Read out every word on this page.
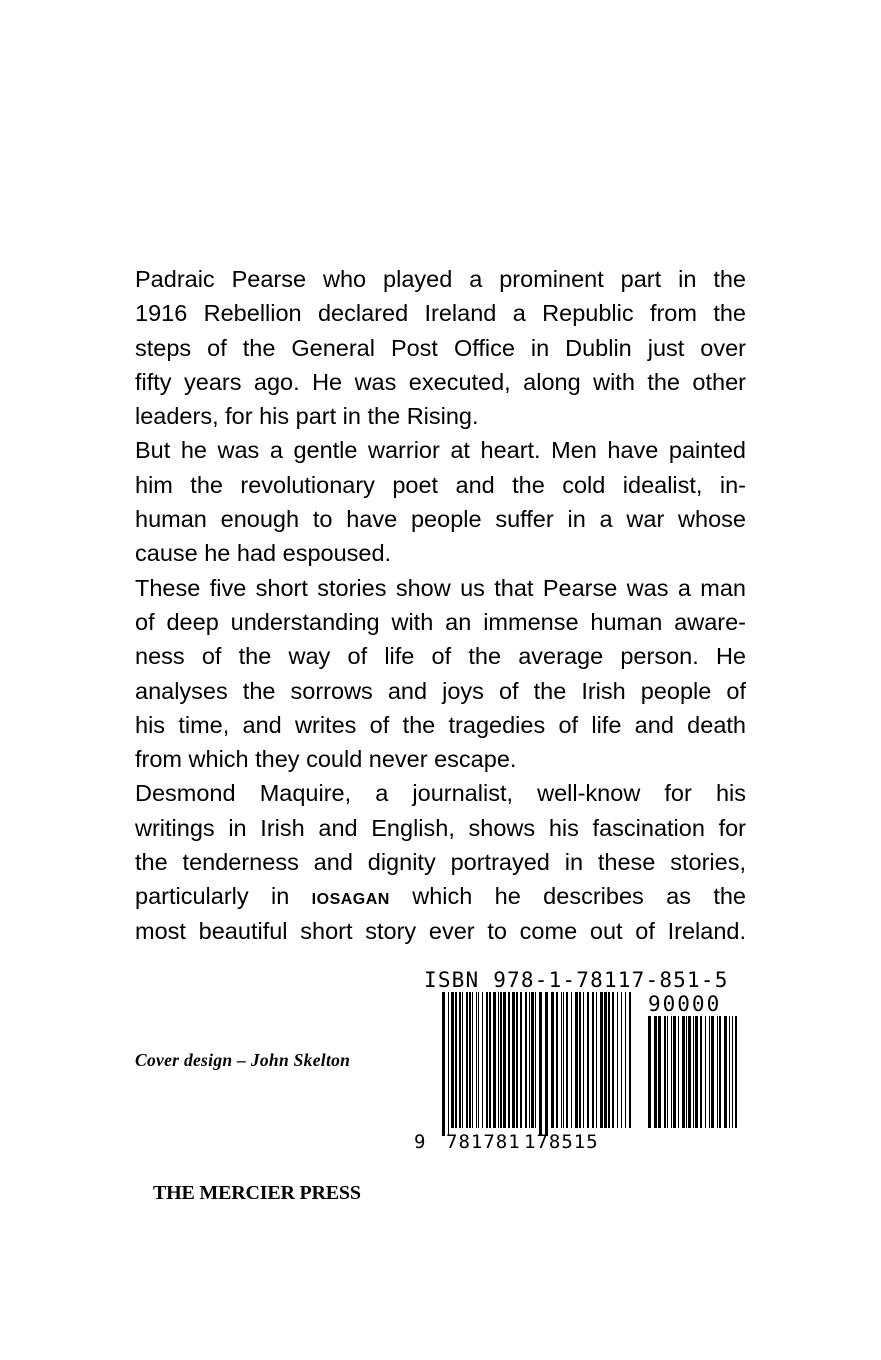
Padraic Pearse who played a prominent part in the
1916 Rebellion declared Ireland a Republic from the
steps of the General Post Office in Dublin just over
fifty years ago. He was executed, along with the other
leaders, for his part in the Rising.
But he was a gentle warrior at heart. Men have painted
him the revolutionary poet and the cold idealist, in-
human enough to have people suffer in a war whose
cause he had espoused.
These five short stories show us that Pearse was a man
of deep understanding with an immense human aware-
ness of the way of life of the average person. He
analyses the sorrows and joys of the Irish people of
his time, and writes of the tragedies of life and death
from which they could never escape.
Desmond Maquire, a journalist, well-know for his
writings in Irish and English, shows his fascination for
the tenderness and dignity portrayed in these stories,
particularly in IOSAGAN which he describes as the
most beautiful short story ever to come out of Ireland.
ISBN 978-1-78117-851-5
90000
9 781781 178515
Cover design – John Skelton
THE MERCIER PRESS
